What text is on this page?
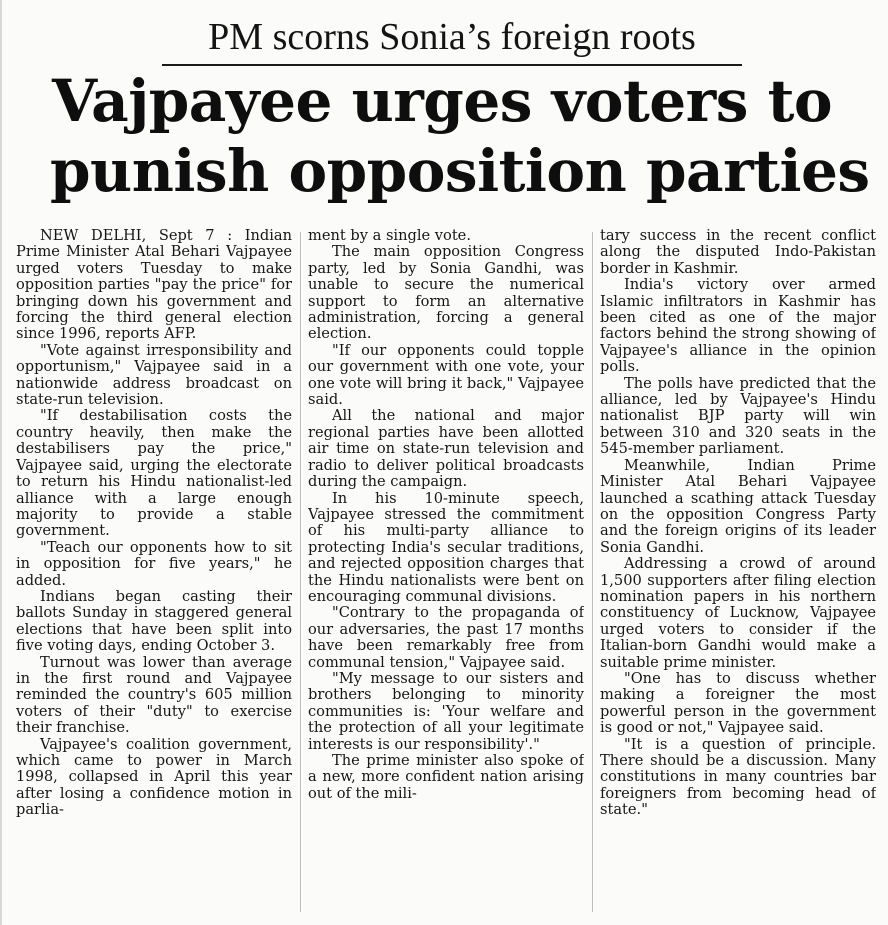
PM scorns Sonia’s foreign roots
Vajpayee urges voters to
punish opposition parties

NEW DELHI, Sept 7 : Indian Prime Minister Atal Behari Vajpayee urged voters Tuesday to make opposition parties "pay the price" for bringing down his government and forcing the third general election since 1996, reports AFP.

"Vote against irresponsibility and opportunism," Vajpayee said in a nationwide address broadcast on state-run television.

"If destabilisation costs the country heavily, then make the destabilisers pay the price," Vajpayee said, urging the electorate to return his Hindu nationalist-led alliance with a large enough majority to provide a stable government.

"Teach our opponents how to sit in opposition for five years," he added.

Indians began casting their ballots Sunday in staggered general elections that have been split into five voting days, ending October 3.

Turnout was lower than average in the first round and Vajpayee reminded the country's 605 million voters of their "duty" to exercise their franchise.

Vajpayee's coalition government, which came to power in March 1998, collapsed in April this year after losing a confidence motion in parlia-

ment by a single vote.

The main opposition Congress party, led by Sonia Gandhi, was unable to secure the numerical support to form an alternative administration, forcing a general election.

"If our opponents could topple our government with one vote, your one vote will bring it back," Vajpayee said.

All the national and major regional parties have been allotted air time on state-run television and radio to deliver political broadcasts during the campaign.

In his 10-minute speech, Vajpayee stressed the commitment of his multi-party alliance to protecting India's secular traditions, and rejected opposition charges that the Hindu nationalists were bent on encouraging communal divisions.

"Contrary to the propaganda of our adversaries, the past 17 months have been remarkably free from communal tension," Vajpayee said.

"My message to our sisters and brothers belonging to minority communities is: 'Your welfare and the protection of all your legitimate interests is our responsibility'."

The prime minister also spoke of a new, more confident nation arising out of the mili-

tary success in the recent conflict along the disputed Indo-Pakistan border in Kashmir.

India's victory over armed Islamic infiltrators in Kashmir has been cited as one of the major factors behind the strong showing of Vajpayee's alliance in the opinion polls.

The polls have predicted that the alliance, led by Vajpayee's Hindu nationalist BJP party will win between 310 and 320 seats in the 545-member parliament.

Meanwhile, Indian Prime Minister Atal Behari Vajpayee launched a scathing attack Tuesday on the opposition Congress Party and the foreign origins of its leader Sonia Gandhi.

Addressing a crowd of around 1,500 supporters after filing election nomination papers in his northern constituency of Lucknow, Vajpayee urged voters to consider if the Italian-born Gandhi would make a suitable prime minister.

"One has to discuss whether making a foreigner the most powerful person in the government is good or not," Vajpayee said.

"It is a question of principle. There should be a discussion. Many constitutions in many countries bar foreigners from becoming head of state."
